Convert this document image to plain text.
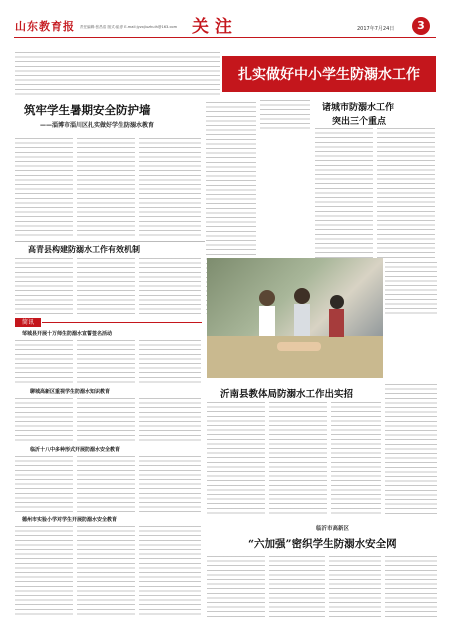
山东教育报 责任编辑:张昌浩 版式:崔淳 E-mail:jyzxjiuzhuih@163.com 关 注	2017年7月24日	3
扎实做好中小学生防溺水工作
筑牢学生暑期安全防护墙
——淄博市淄川区扎实做好学生防溺水教育
高青县构建防溺水工作有效机制
诸城市防溺水工作
突出三个重点
简讯
邹城县开展十万师生防溺水宣誓签名活动
聊城高新区重视学生防溺水知识教育
临沂十八中多种形式开展防溺水安全教育
德州市实验小学对学生开展防溺水安全教育
沂南县教体局防溺水工作出实招
临沂市高新区
“六加强”密织学生防溺水安全网
